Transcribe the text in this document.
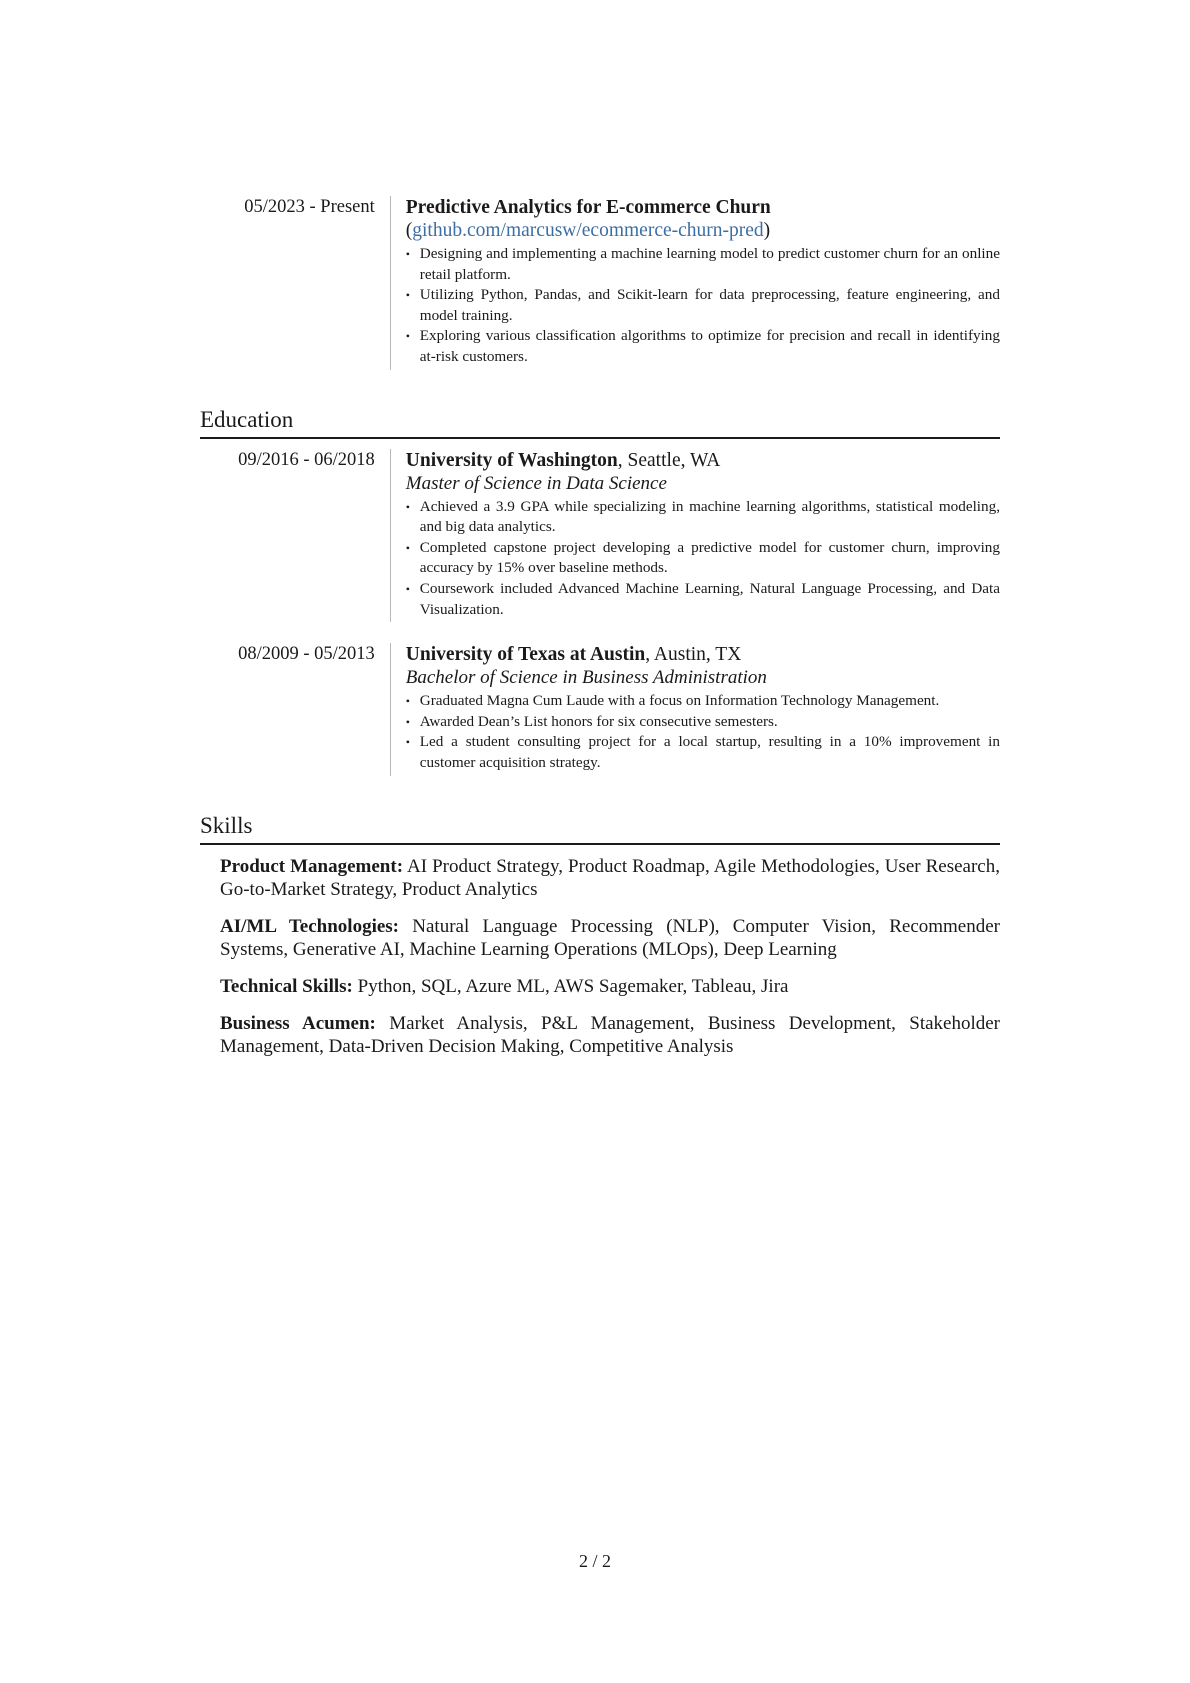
05/2023 - Present	Predictive Analytics for E-commerce Churn (github.com/marcusw/ecommerce-churn-pred)
• Designing and implementing a machine learning model to predict customer churn for an online retail platform.
• Utilizing Python, Pandas, and Scikit-learn for data preprocessing, feature engineering, and model training.
• Exploring various classification algorithms to optimize for precision and recall in identifying at-risk customers.
Education
09/2016 - 06/2018	University of Washington, Seattle, WA
Master of Science in Data Science
• Achieved a 3.9 GPA while specializing in machine learning algorithms, statistical modeling, and big data analytics.
• Completed capstone project developing a predictive model for customer churn, improving accuracy by 15% over baseline methods.
• Coursework included Advanced Machine Learning, Natural Language Processing, and Data Visualization.
08/2009 - 05/2013	University of Texas at Austin, Austin, TX
Bachelor of Science in Business Administration
• Graduated Magna Cum Laude with a focus on Information Technology Management.
• Awarded Dean’s List honors for six consecutive semesters.
• Led a student consulting project for a local startup, resulting in a 10% improvement in customer acquisition strategy.
Skills
Product Management: AI Product Strategy, Product Roadmap, Agile Methodologies, User Research, Go-to-Market Strategy, Product Analytics
AI/ML Technologies: Natural Language Processing (NLP), Computer Vision, Recommender Systems, Generative AI, Machine Learning Operations (MLOps), Deep Learning
Technical Skills: Python, SQL, Azure ML, AWS Sagemaker, Tableau, Jira
Business Acumen: Market Analysis, P&L Management, Business Development, Stakeholder Management, Data-Driven Decision Making, Competitive Analysis
2 / 2
